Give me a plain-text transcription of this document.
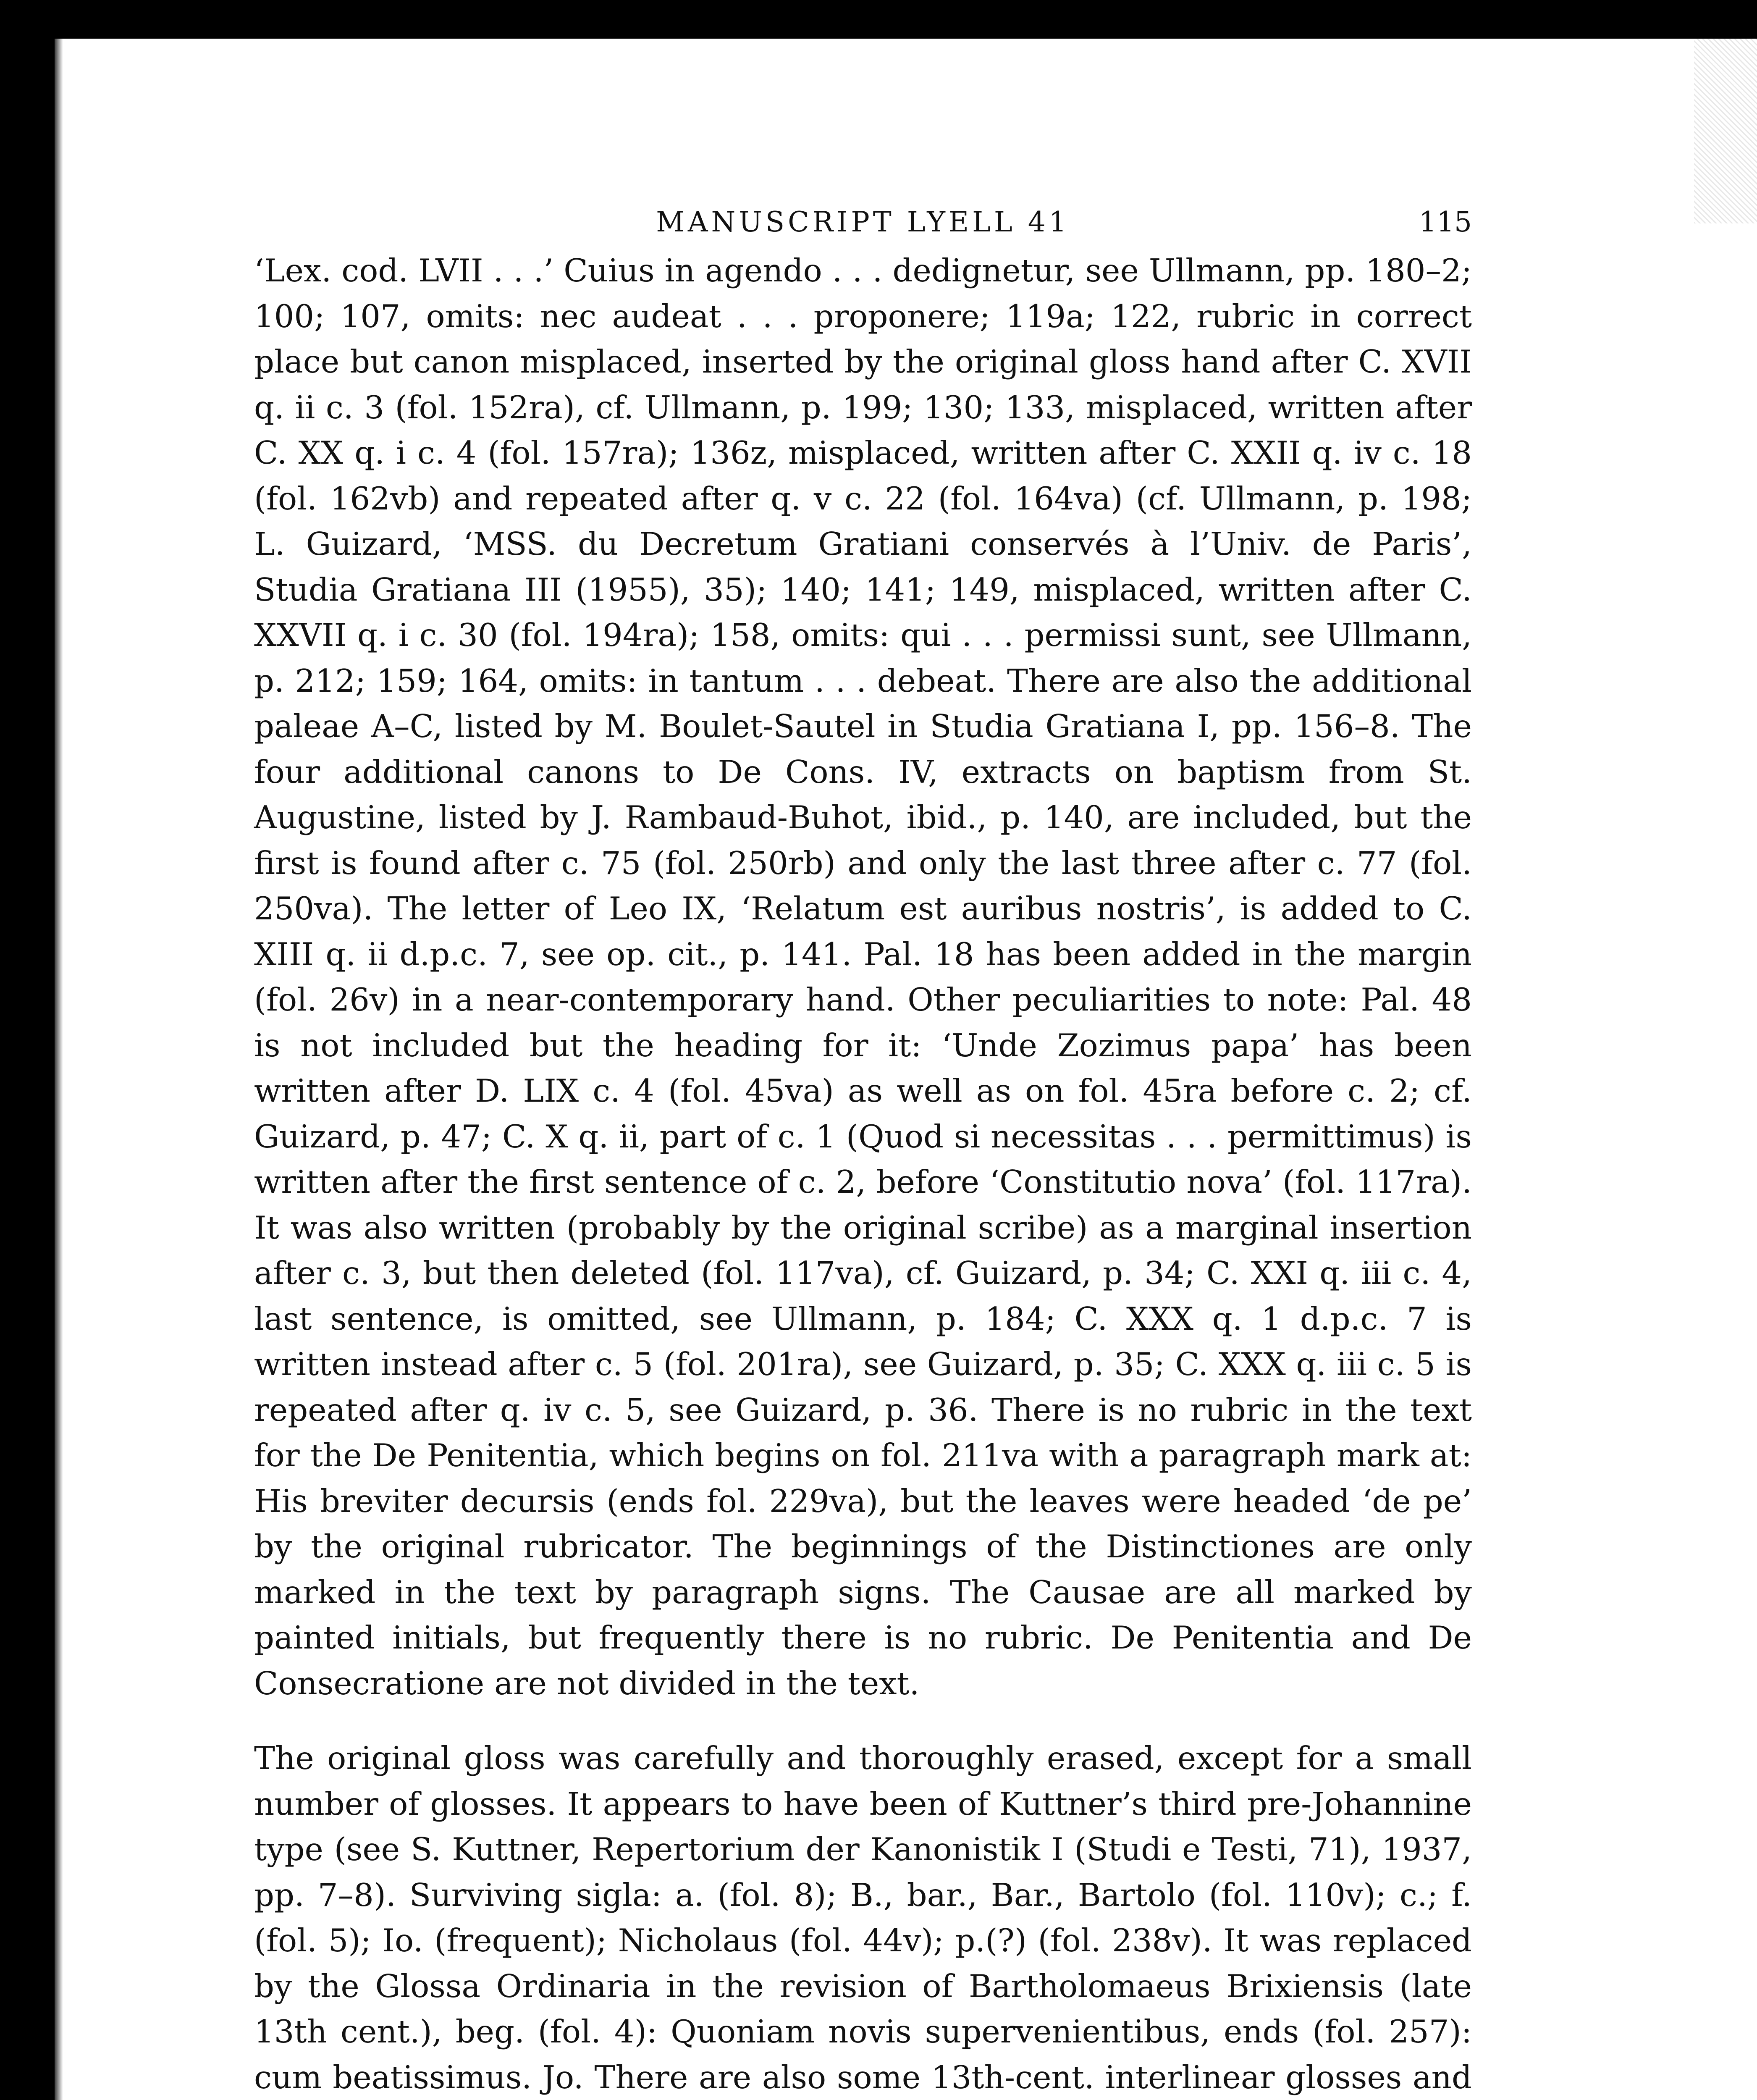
MANUSCRIPT LYELL 41	115

‘Lex. cod. LVII . . .’ Cuius in agendo . . . dedignetur, see Ullmann, pp. 180–2; 100; 107, omits: nec audeat . . . proponere; 119a; 122, rubric in correct place but canon misplaced, inserted by the original gloss hand after C. XVII q. ii c. 3 (fol. 152ra), cf. Ullmann, p. 199; 130; 133, misplaced, written after C. XX q. i c. 4 (fol. 157ra); 136z, misplaced, written after C. XXII q. iv c. 18 (fol. 162vb) and repeated after q. v c. 22 (fol. 164va) (cf. Ullmann, p. 198; L. Guizard, ‘MSS. du Decretum Gratiani conservés à l’Univ. de Paris’, Studia Gratiana III (1955), 35); 140; 141; 149, misplaced, written after C. XXVII q. i c. 30 (fol. 194ra); 158, omits: qui . . . permissi sunt, see Ullmann, p. 212; 159; 164, omits: in tantum . . . debeat. There are also the additional paleae A–C, listed by M. Boulet-Sautel in Studia Gratiana I, pp. 156–8. The four additional canons to De Cons. IV, extracts on baptism from St. Augustine, listed by J. Rambaud-Buhot, ibid., p. 140, are included, but the first is found after c. 75 (fol. 250rb) and only the last three after c. 77 (fol. 250va). The letter of Leo IX, ‘Relatum est auribus nostris’, is added to C. XIII q. ii d.p.c. 7, see op. cit., p. 141. Pal. 18 has been added in the margin (fol. 26v) in a near-contemporary hand. Other peculiarities to note: Pal. 48 is not included but the heading for it: ‘Unde Zozimus papa’ has been written after D. LIX c. 4 (fol. 45va) as well as on fol. 45ra before c. 2; cf. Guizard, p. 47; C. X q. ii, part of c. 1 (Quod si necessitas . . . permittimus) is written after the first sentence of c. 2, before ‘Constitutio nova’ (fol. 117ra). It was also written (probably by the original scribe) as a marginal insertion after c. 3, but then deleted (fol. 117va), cf. Guizard, p. 34; C. XXI q. iii c. 4, last sentence, is omitted, see Ullmann, p. 184; C. XXX q. 1 d.p.c. 7 is written instead after c. 5 (fol. 201ra), see Guizard, p. 35; C. XXX q. iii c. 5 is repeated after q. iv c. 5, see Guizard, p. 36. There is no rubric in the text for the De Penitentia, which begins on fol. 211va with a paragraph mark at: His breviter decursis (ends fol. 229va), but the leaves were headed ‘de pe’ by the original rubricator. The beginnings of the Distinctiones are only marked in the text by paragraph signs. The Causae are all marked by painted initials, but frequently there is no rubric. De Penitentia and De Consecratione are not divided in the text.

The original gloss was carefully and thoroughly erased, except for a small number of glosses. It appears to have been of Kuttner’s third pre-Johannine type (see S. Kuttner, Repertorium der Kanonistik I (Studi e Testi, 71), 1937, pp. 7–8). Surviving sigla: a. (fol. 8); B., bar., Bar., Bartolo (fol. 110v); c.; f. (fol. 5); Io. (frequent); Nicholaus (fol. 44v); p.(?) (fol. 238v). It was replaced by the Glossa Ordinaria in the revision of Bartholomaeus Brixiensis (late 13th cent.), beg. (fol. 4): Quoniam novis supervenientibus, ends (fol. 257): cum beatissimus. Jo. There are also some 13th-cent. interlinear glosses and
